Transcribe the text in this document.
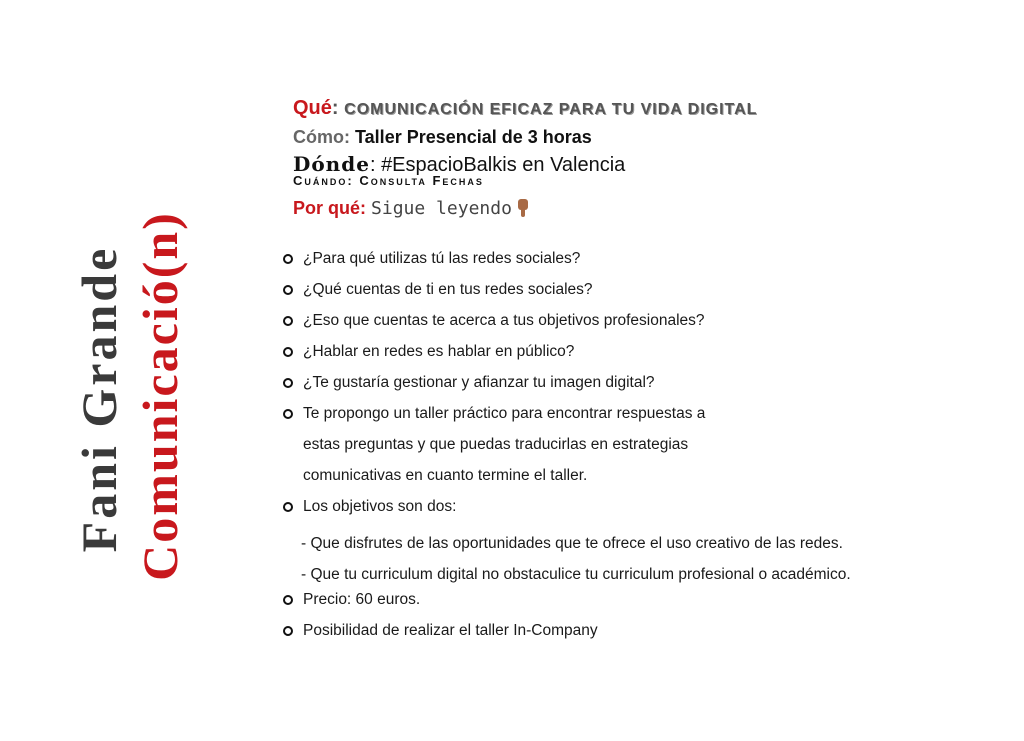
Fani Grande Comunicació(n)
Qué: COMUNICACIÓN EFICAZ PARA TU VIDA DIGITAL
Cómo: Taller Presencial de 3 horas
Dónde: #EspacioBalkis en Valencia
Cuándo: Consulta Fechas
Por qué: Sigue leyendo
¿Para qué utilizas tú las redes sociales?
¿Qué cuentas de ti en tus redes sociales?
¿Eso que cuentas te acerca a tus objetivos profesionales?
¿Hablar en redes es hablar en público?
¿Te gustaría gestionar y afianzar tu imagen digital?
Te propongo un taller práctico para encontrar respuestas a
estas preguntas y que puedas traducirlas en estrategias
comunicativas en cuanto termine el taller.
Los objetivos son dos:
- Que disfrutes de las oportunidades que te ofrece el uso creativo de las redes.
- Que tu curriculum digital no obstaculice tu curriculum profesional o académico.
Precio: 60 euros.
Posibilidad de realizar el taller In-Company
